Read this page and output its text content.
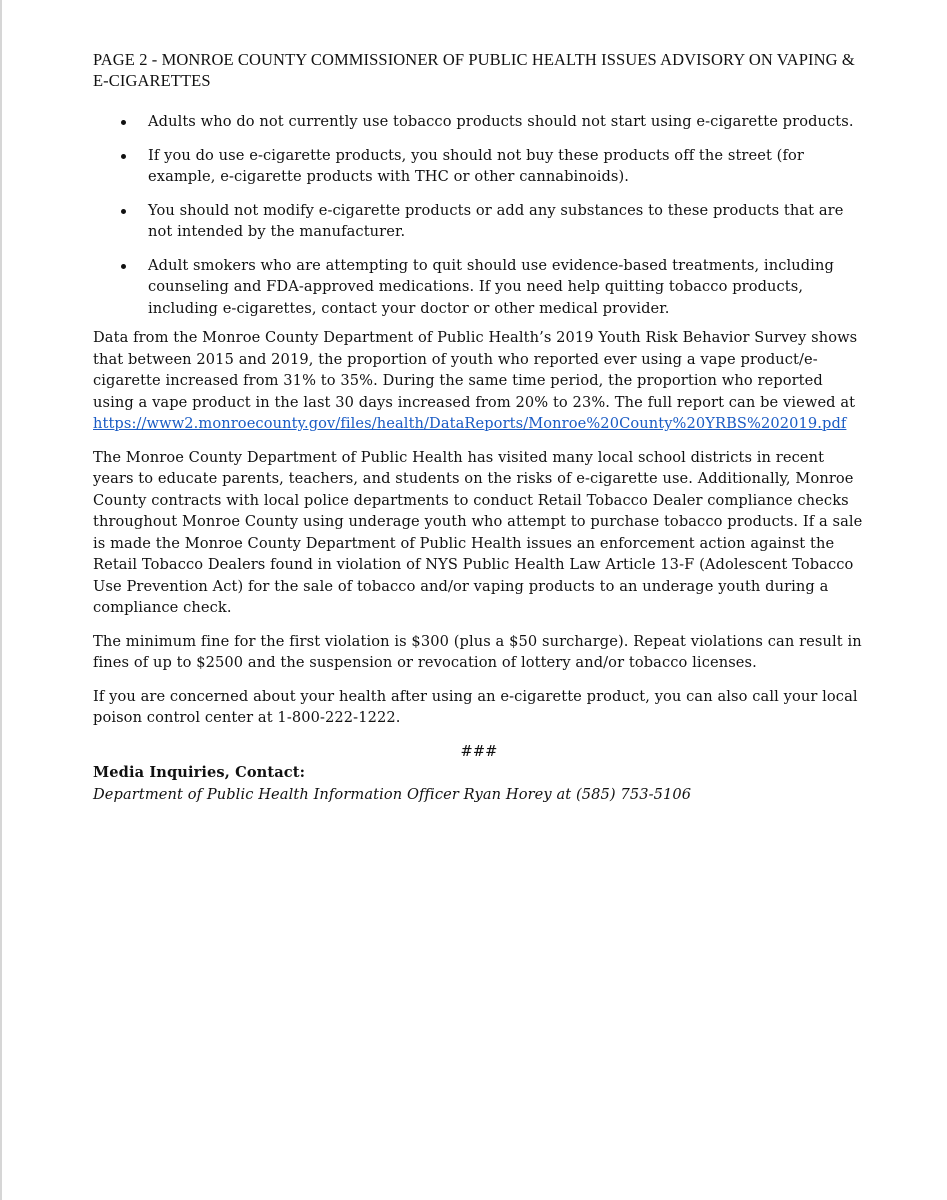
PAGE 2 - MONROE COUNTY COMMISSIONER OF PUBLIC HEALTH ISSUES ADVISORY ON VAPING & E-CIGARETTES
Adults who do not currently use tobacco products should not start using e-cigarette products.
If you do use e-cigarette products, you should not buy these products off the street (for example, e-cigarette products with THC or other cannabinoids).
You should not modify e-cigarette products or add any substances to these products that are not intended by the manufacturer.
Adult smokers who are attempting to quit should use evidence-based treatments, including counseling and FDA-approved medications. If you need help quitting tobacco products, including e-cigarettes, contact your doctor or other medical provider.

Data from the Monroe County Department of Public Health’s 2019 Youth Risk Behavior Survey shows that between 2015 and 2019, the proportion of youth who reported ever using a vape product/e-cigarette increased from 31% to 35%. During the same time period, the proportion who reported using a vape product in the last 30 days increased from 20% to 23%. The full report can be viewed at
https://www2.monroecounty.gov/files/health/DataReports/Monroe%20County%20YRBS%202019.pdf

The Monroe County Department of Public Health has visited many local school districts in recent years to educate parents, teachers, and students on the risks of e-cigarette use. Additionally, Monroe County contracts with local police departments to conduct Retail Tobacco Dealer compliance checks throughout Monroe County using underage youth who attempt to purchase tobacco products. If a sale is made the Monroe County Department of Public Health issues an enforcement action against the Retail Tobacco Dealers found in violation of NYS Public Health Law Article 13-F (Adolescent Tobacco Use Prevention Act) for the sale of tobacco and/or vaping products to an underage youth during a compliance check.

The minimum fine for the first violation is $300 (plus a $50 surcharge). Repeat violations can result in fines of up to $2500 and the suspension or revocation of lottery and/or tobacco licenses.

If you are concerned about your health after using an e-cigarette product, you can also call your local poison control center at 1-800-222-1222.

###
Media Inquiries, Contact:
Department of Public Health Information Officer Ryan Horey at (585) 753-5106
